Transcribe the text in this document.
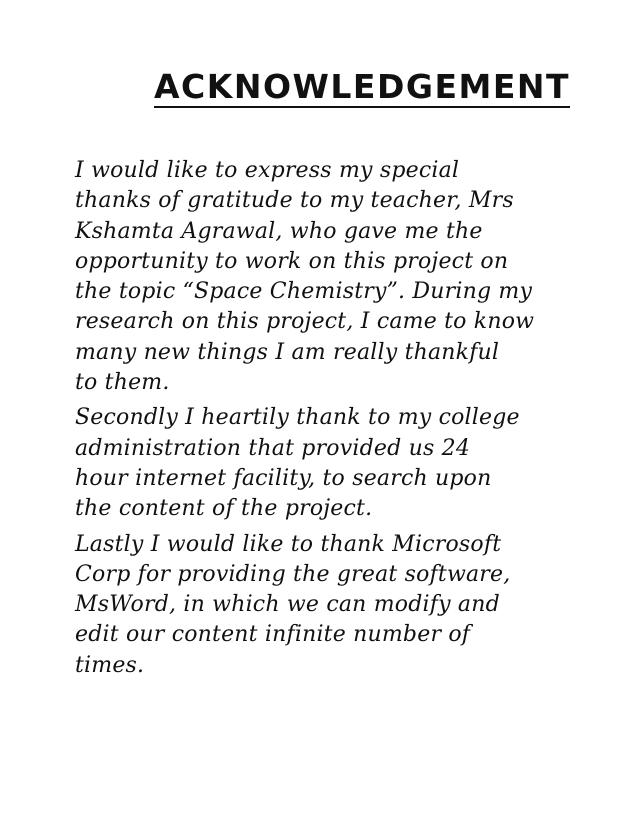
ACKNOWLEDGEMENT

I would like to express my special
thanks of gratitude to my teacher, Mrs
Kshamta Agrawal, who gave me the
opportunity to work on this project on
the topic “Space Chemistry”. During my
research on this project, I came to know
many new things I am really thankful
to them.

Secondly I heartily thank to my college
administration that provided us 24
hour internet facility, to search upon
the content of the project.

Lastly I would like to thank Microsoft
Corp for providing the great software,
MsWord, in which we can modify and
edit our content infinite number of
times.
